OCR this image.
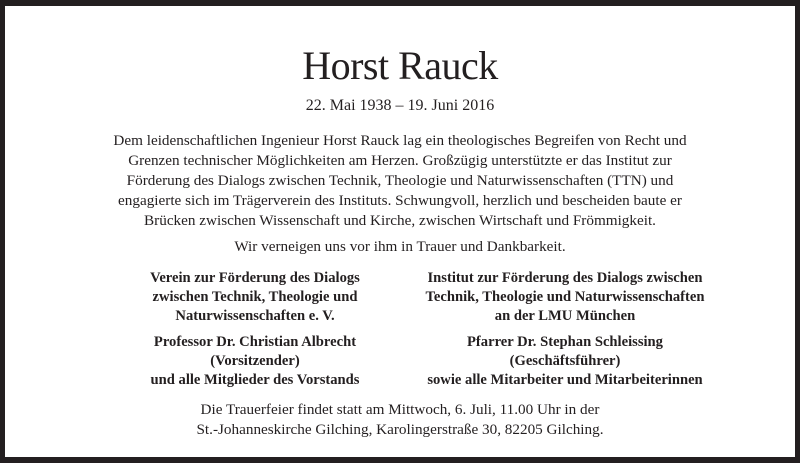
Horst Rauck
22. Mai 1938 – 19. Juni 2016
Dem leidenschaftlichen Ingenieur Horst Rauck lag ein theologisches Begreifen von Recht und
Grenzen technischer Möglichkeiten am Herzen. Großzügig unterstützte er das Institut zur
Förderung des Dialogs zwischen Technik, Theologie und Naturwissenschaften (TTN) und
engagierte sich im Trägerverein des Instituts. Schwungvoll, herzlich und bescheiden baute er
Brücken zwischen Wissenschaft und Kirche, zwischen Wirtschaft und Frömmigkeit.
Wir verneigen uns vor ihm in Trauer und Dankbarkeit.
Verein zur Förderung des Dialogs
zwischen Technik, Theologie und
Naturwissenschaften e. V.
Professor Dr. Christian Albrecht
(Vorsitzender)
und alle Mitglieder des Vorstands
Institut zur Förderung des Dialogs zwischen
Technik, Theologie und Naturwissenschaften
an der LMU München
Pfarrer Dr. Stephan Schleissing
(Geschäftsführer)
sowie alle Mitarbeiter und Mitarbeiterinnen
Die Trauerfeier findet statt am Mittwoch, 6. Juli, 11.00 Uhr in der
St.-Johanneskirche Gilching, Karolingerstraße 30, 82205 Gilching.
